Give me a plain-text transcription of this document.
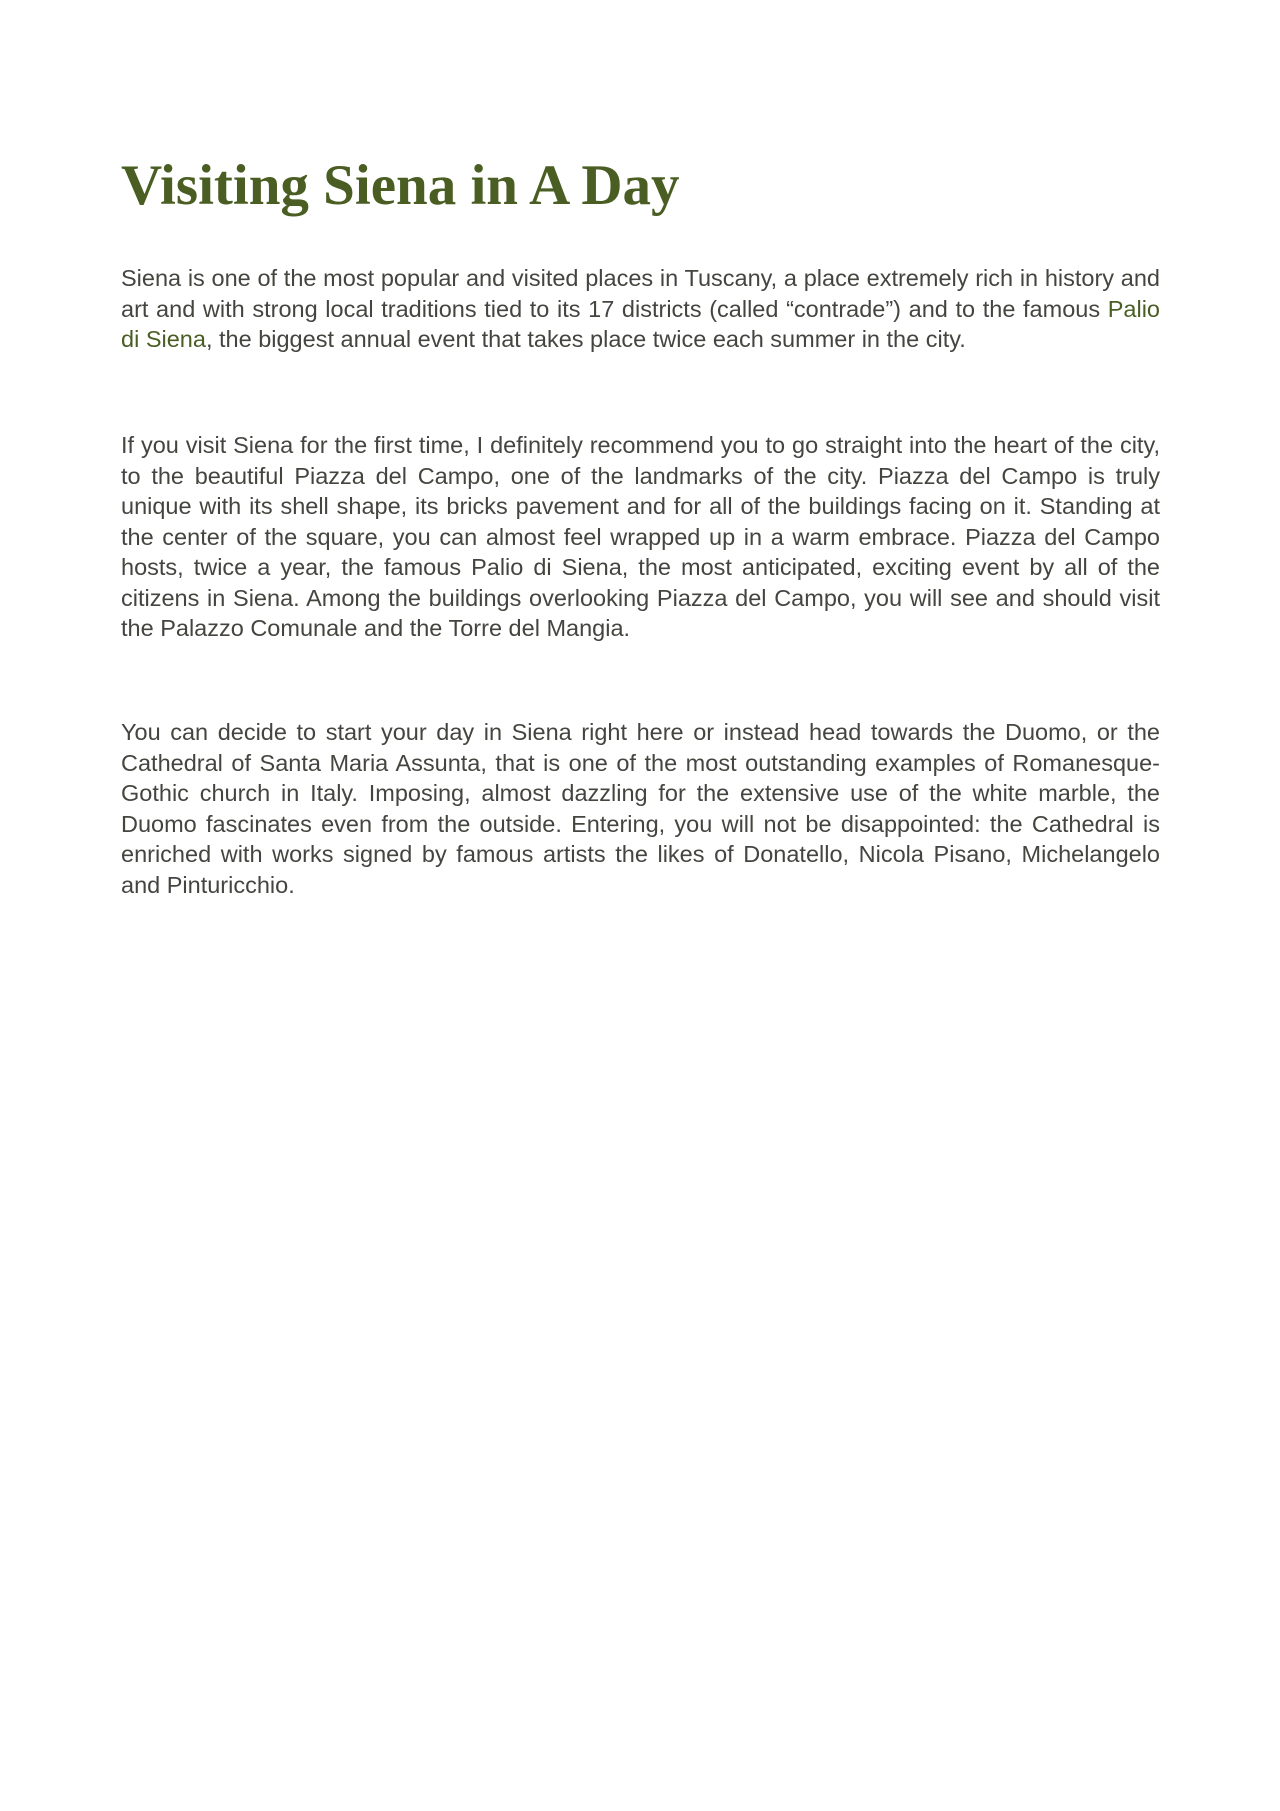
Visiting Siena in A Day

Siena is one of the most popular and visited places in Tuscany, a place extremely rich in history and art and with strong local traditions tied to its 17 districts (called “contrade”) and to the famous Palio di Siena, the biggest annual event that takes place twice each summer in the city.

If you visit Siena for the first time, I definitely recommend you to go straight into the heart of the city, to the beautiful Piazza del Campo, one of the landmarks of the city. Piazza del Campo is truly unique with its shell shape, its bricks pavement and for all of the buildings facing on it. Standing at the center of the square, you can almost feel wrapped up in a warm embrace. Piazza del Campo hosts, twice a year, the famous Palio di Siena, the most anticipated, exciting event by all of the citizens in Siena. Among the buildings overlooking Piazza del Campo, you will see and should visit the Palazzo Comunale and the Torre del Mangia.

You can decide to start your day in Siena right here or instead head towards the Duomo, or the Cathedral of Santa Maria Assunta, that is one of the most outstanding examples of Romanesque-Gothic church in Italy. Imposing, almost dazzling for the extensive use of the white marble, the Duomo fascinates even from the outside. Entering, you will not be disappointed: the Cathedral is enriched with works signed by famous artists the likes of Donatello, Nicola Pisano, Michelangelo and Pinturicchio.
